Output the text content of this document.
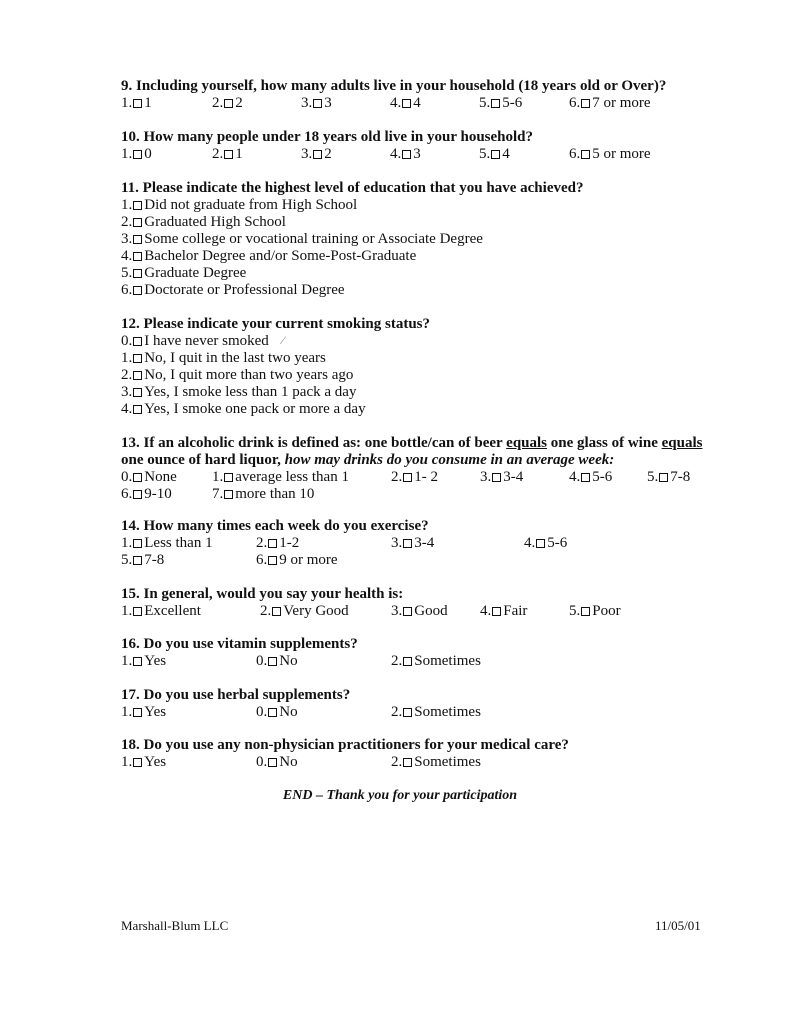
9. Including yourself, how many adults live in your household (18 years old or Over)?
1. 1	2. 2	3. 3	4. 4	5. 5-6	6. 7 or more
10. How many people under 18 years old live in your household?
1. 0	2. 1	3. 2	4. 3	5. 4	6. 5 or more
11. Please indicate the highest level of education that you have achieved?
1. Did not graduate from High School
2. Graduated High School
3. Some college or vocational training or Associate Degree
4. Bachelor Degree and/or Some-Post-Graduate
5. Graduate Degree
6. Doctorate or Professional Degree
12. Please indicate your current smoking status?
0. I have never smoked
1. No, I quit in the last two years
2. No, I quit more than two years ago
3. Yes, I smoke less than 1 pack a day
4. Yes, I smoke one pack or more a day
⁄
13. If an alcoholic drink is defined as: one bottle/can of beer equals one glass of wine equals
one ounce of hard liquor, how may drinks do you consume in an average week:
0. None 1. average less than 1	2. 1- 2	3. 3-4	4. 5-6 5. 7-8
6. 9-10	7. more than 10
14. How many times each week do you exercise?
1. Less than 1	2. 1-2	3. 3-4	4. 5-6
5. 7-8	6. 9 or more
15. In general, would you say your health is:
1. Excellent	2. Very Good	3. Good 4. Fair	5. Poor
16. Do you use vitamin supplements?
1. Yes	0. No	2. Sometimes
17. Do you use herbal supplements?
1. Yes	0. No	2. Sometimes
18. Do you use any non-physician practitioners for your medical care?
1. Yes	0. No	2. Sometimes
END – Thank you for your participation
Marshall-Blum LLC	11/05/01
